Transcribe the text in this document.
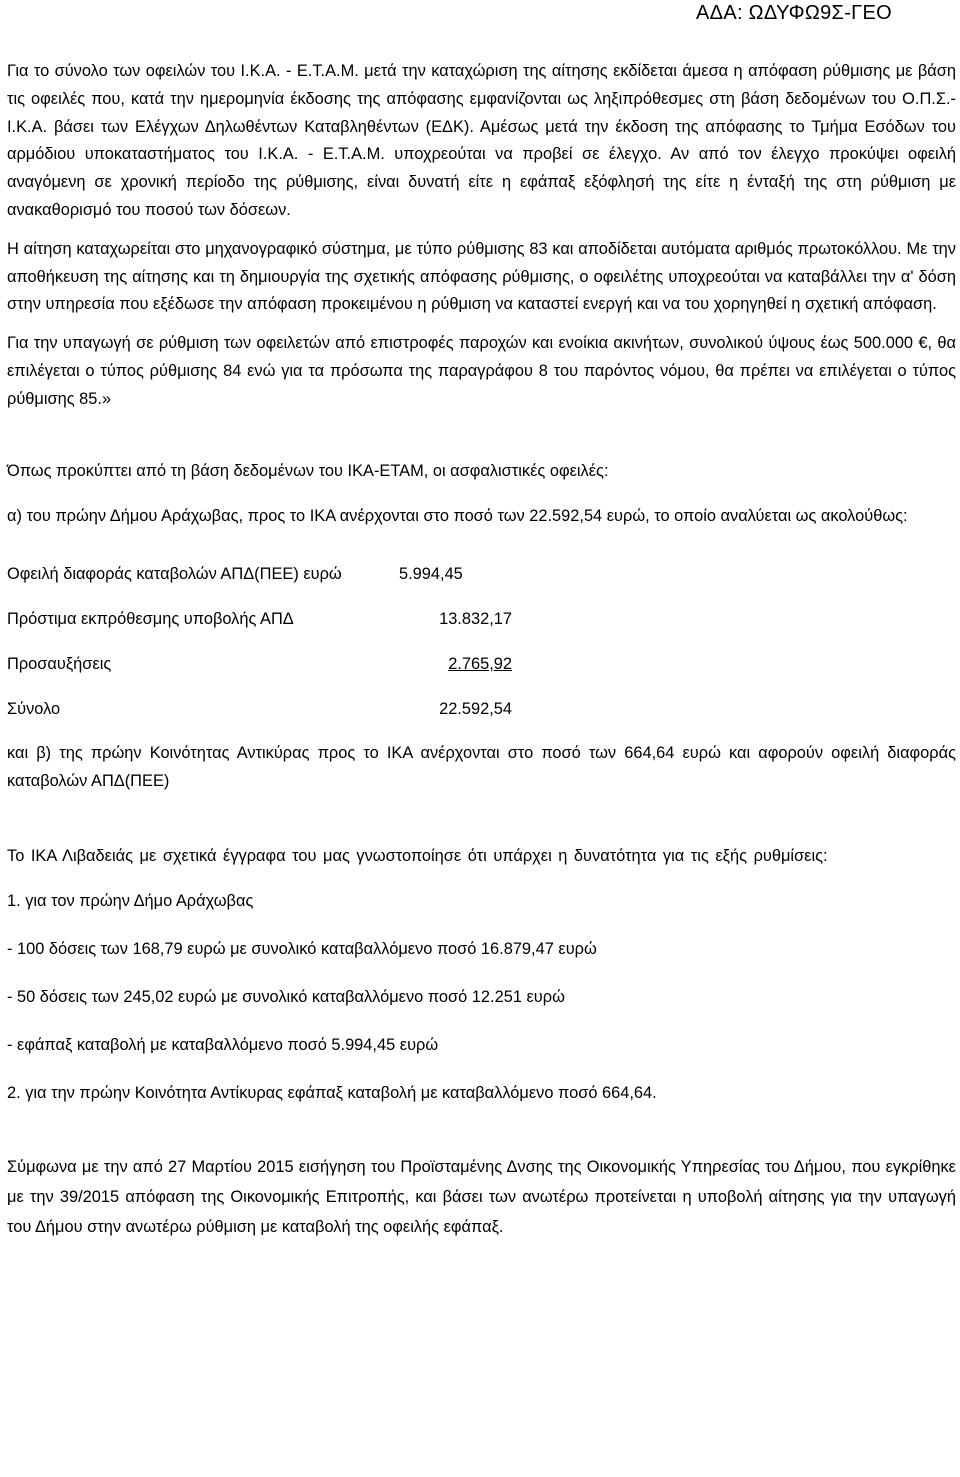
ΑΔΑ: ΩΔΥΦΩ9Σ-ΓΕΟ

Για το σύνολο των οφειλών του Ι.Κ.Α. - Ε.Τ.Α.Μ. μετά την καταχώριση της αίτησης εκδίδεται άμεσα η απόφαση ρύθμισης με βάση τις οφειλές που, κατά την ημερομηνία έκδοσης της απόφασης εμφανίζονται ως ληξιπρόθεσμες στη βάση δεδομένων του Ο.Π.Σ.-Ι.Κ.Α. βάσει των Ελέγχων Δηλωθέντων Καταβληθέντων (ΕΔΚ). Αμέσως μετά την έκδοση της απόφασης το Τμήμα Εσόδων του αρμόδιου υποκαταστήματος του Ι.Κ.Α. - Ε.Τ.Α.Μ. υποχρεούται να προβεί σε έλεγχο. Αν από τον έλεγχο προκύψει οφειλή αναγόμενη σε χρονική περίοδο της ρύθμισης, είναι δυνατή είτε η εφάπαξ εξόφλησή της είτε η ένταξή της στη ρύθμιση με ανακαθορισμό του ποσού των δόσεων.

Η αίτηση καταχωρείται στο μηχανογραφικό σύστημα, με τύπο ρύθμισης 83 και αποδίδεται αυτόματα αριθμός πρωτοκόλλου. Με την αποθήκευση της αίτησης και τη δημιουργία της σχετικής απόφασης ρύθμισης, ο οφειλέτης υποχρεούται να καταβάλλει την α' δόση στην υπηρεσία που εξέδωσε την απόφαση προκειμένου η ρύθμιση να καταστεί ενεργή και να του χορηγηθεί η σχετική απόφαση.

Για την υπαγωγή σε ρύθμιση των οφειλετών από επιστροφές παροχών και ενοίκια ακινήτων, συνολικού ύψους έως 500.000 €, θα επιλέγεται ο τύπος ρύθμισης 84 ενώ για τα πρόσωπα της παραγράφου 8 του παρόντος νόμου, θα πρέπει να επιλέγεται ο τύπος ρύθμισης 85.»

Όπως προκύπτει από τη βάση δεδομένων του ΙΚΑ-ΕΤΑΜ, οι ασφαλιστικές οφειλές:

α) του πρώην Δήμου Αράχωβας, προς το ΙΚΑ ανέρχονται στο ποσό των 22.592,54 ευρώ, το οποίο αναλύεται ως ακολούθως:

Οφειλή διαφοράς καταβολών ΑΠΔ(ΠΕΕ) ευρώ	5.994,45
Πρόστιμα εκπρόθεσμης υποβολής ΑΠΔ	13.832,17
Προσαυξήσεις	2.765,92
Σύνολο	22.592,54

και β) της πρώην Κοινότητας Αντικύρας προς το ΙΚΑ ανέρχονται στο ποσό των 664,64 ευρώ και αφορούν οφειλή διαφοράς καταβολών ΑΠΔ(ΠΕΕ)

Το ΙΚΑ Λιβαδειάς με σχετικά έγγραφα του μας γνωστοποίησε ότι υπάρχει η δυνατότητα για τις εξής ρυθμίσεις:

1. για τον πρώην Δήμο Αράχωβας

- 100 δόσεις των 168,79 ευρώ με συνολικό καταβαλλόμενο ποσό 16.879,47 ευρώ

- 50 δόσεις των 245,02 ευρώ με συνολικό καταβαλλόμενο ποσό 12.251 ευρώ

- εφάπαξ καταβολή με καταβαλλόμενο ποσό 5.994,45 ευρώ

2. για την πρώην Κοινότητα Αντίκυρας εφάπαξ καταβολή με καταβαλλόμενο ποσό 664,64.

Σύμφωνα με την από 27 Μαρτίου 2015 εισήγηση του Προϊσταμένης Δνσης της Οικονομικής Υπηρεσίας του Δήμου, που εγκρίθηκε με την 39/2015 απόφαση της Οικονομικής Επιτροπής, και βάσει των ανωτέρω προτείνεται η υποβολή αίτησης για την υπαγωγή του Δήμου στην ανωτέρω ρύθμιση με καταβολή της οφειλής εφάπαξ.
